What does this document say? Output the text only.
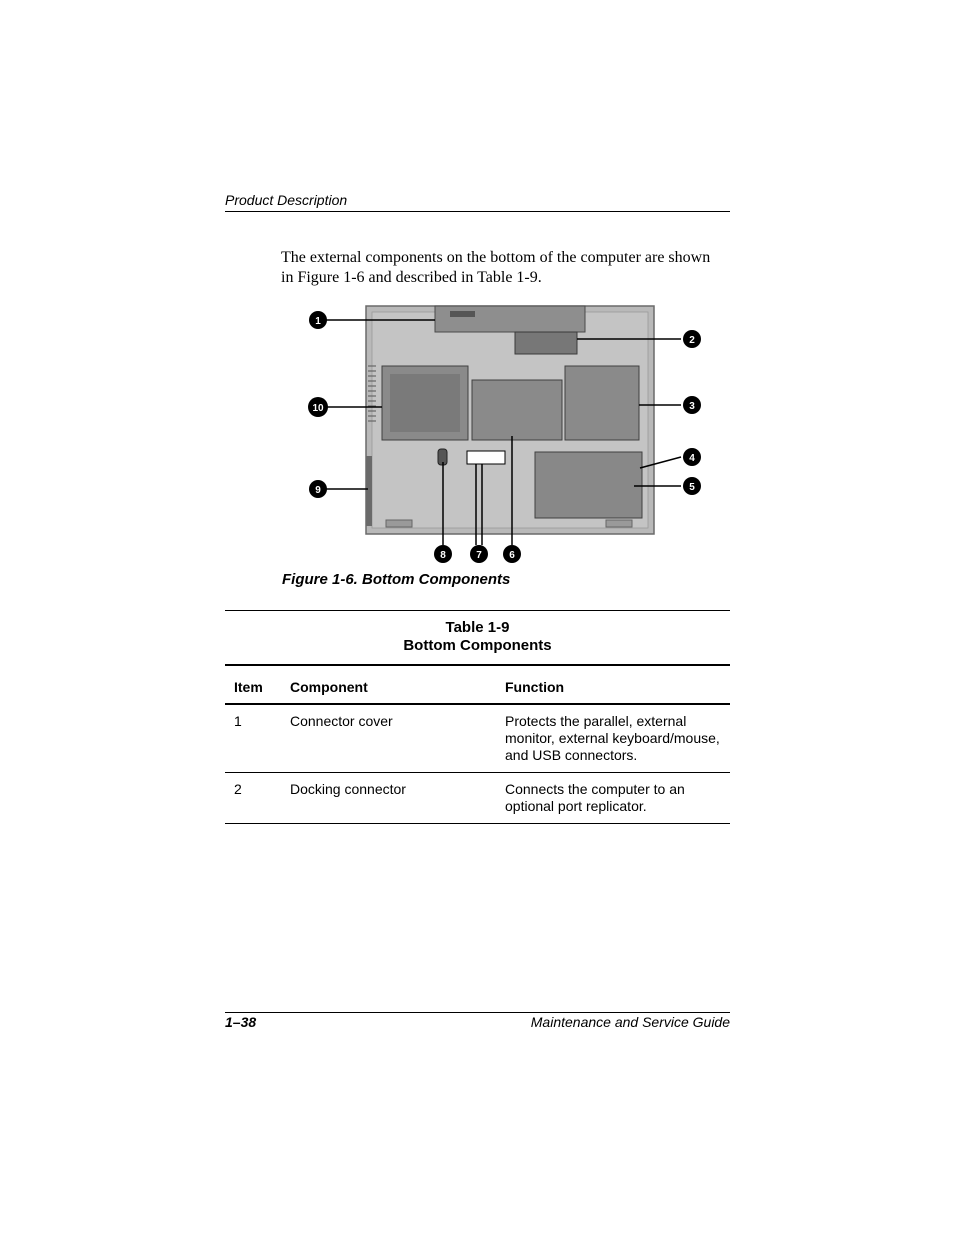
Product Description

The external components on the bottom of the computer are shown in Figure 1-6 and described in Table 1-9.

1
2
3
4
5
6
7
8
9
10
Figure 1-6. Bottom Components
Table 1-9
Bottom Components
Item	Component	Function
1	Connector cover	Protects the parallel, external monitor, external keyboard/mouse, and USB connectors.
2	Docking connector	Connects the computer to an optional port replicator.
1–38	Maintenance and Service Guide
